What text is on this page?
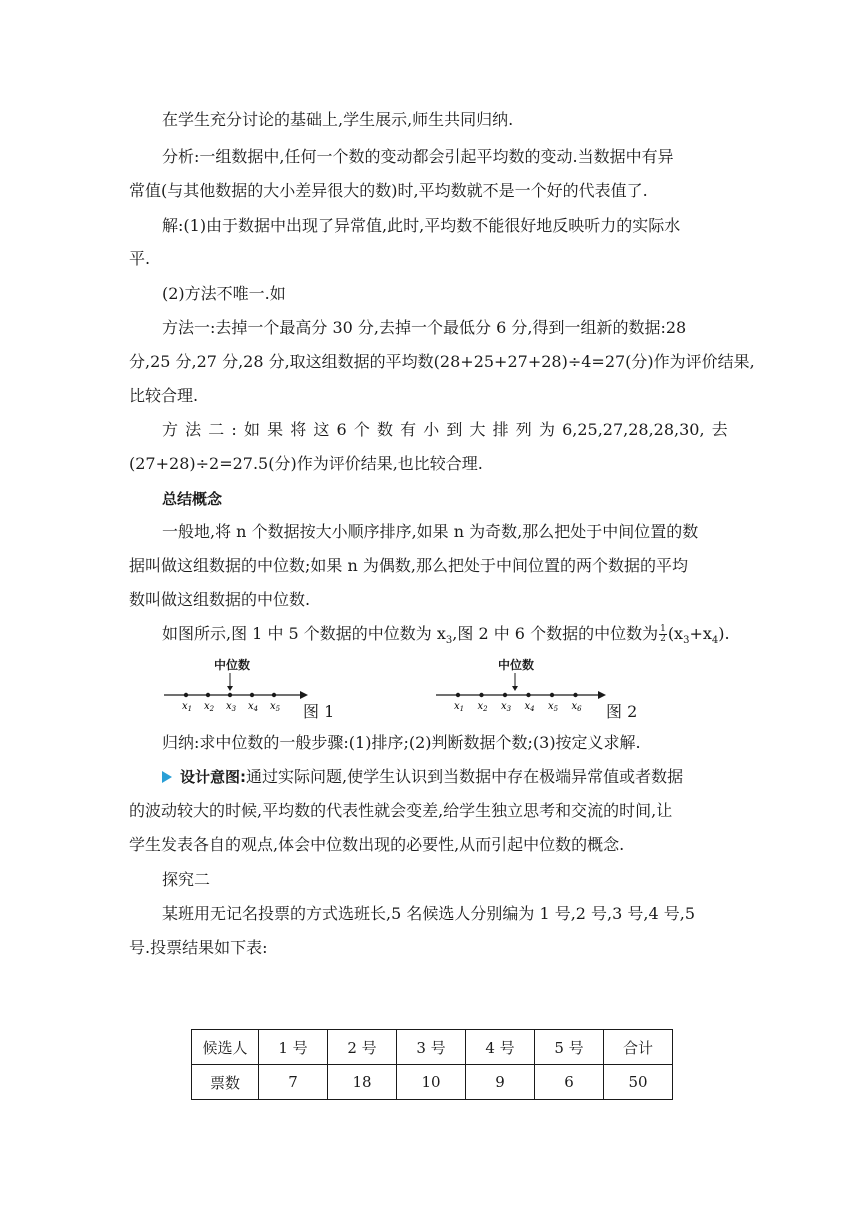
在学生充分讨论的基础上,学生展示,师生共同归纳.
分析:一组数据中,任何一个数的变动都会引起平均数的变动.当数据中有异
常值(与其他数据的大小差异很大的数)时,平均数就不是一个好的代表值了.
解:(1)由于数据中出现了异常值,此时,平均数不能很好地反映听力的实际水
平.
(2)方法不唯一.如
方法一:去掉一个最高分 30 分,去掉一个最低分 6 分,得到一组新的数据:28
分,25 分,27 分,28 分,取这组数据的平均数(28+25+27+28)÷4=27(分)作为评价结果,
比较合理.
方 法 二 : 如 果 将 这 6 个 数 有 小 到 大 排 列 为 6,25,27,28,28,30, 去
(27+28)÷2=27.5(分)作为评价结果,也比较合理.
总结概念
一般地,将 n 个数据按大小顺序排序,如果 n 为奇数,那么把处于中间位置的数
据叫做这组数据的中位数;如果 n 为偶数,那么把处于中间位置的两个数据的平均
数叫做这组数据的中位数.
如图所示,图 1 中 5 个数据的中位数为 $x_3$,图 2 中 6 个数据的中位数为 $\frac{1}{2} (x_3+x_4)$.
中位数
$x_1$ $x_2$ $x_3$ $x_4$ $x_5$ 图 1
中位数
$x_1$ $x_2$ $x_3$ $x_4$ $x_5$ $x_6$ 图 2
归纳:求中位数的一般步骤:(1)排序;(2)判断数据个数;(3)按定义求解.
设计意图:通过实际问题,使学生认识到当数据中存在极端异常值或者数据
的波动较大的时候,平均数的代表性就会变差,给学生独立思考和交流的时间,让
学生发表各自的观点,体会中位数出现的必要性,从而引起中位数的概念.
探究二
某班用无记名投票的方式选班长,5 名候选人分别编为 1 号,2 号,3 号,4 号,5
号.投票结果如下表:
候选人	1 号	2 号	3 号	4 号	5 号	合计
票数	7	18	10	9	6	50
